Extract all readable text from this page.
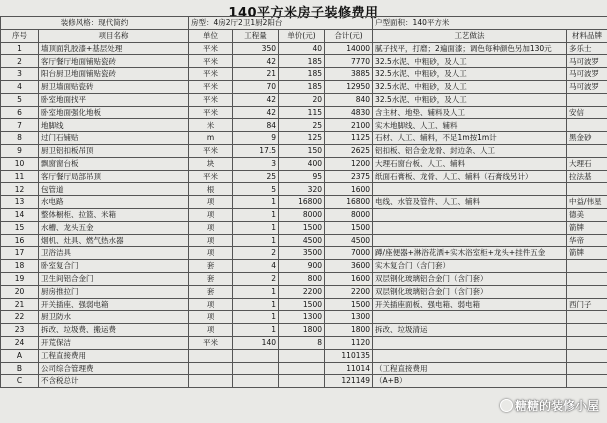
140平方米房子装修费用
装修风格：现代简约		房型：4房2厅2卫1厨2阳台				户型面积：140平方米	
序号	项目名称	单位	工程量	单价(元)	合计(元)	工艺做法	材料品牌
1	墙顶面乳胶漆+基层处理	平米	350	40	14000	腻子找平，打磨；2遍面漆；调色每种颜色另加130元	多乐士
2	客厅餐厅地面铺贴瓷砖	平米	42	185	7770	32.5水泥、中粗砂，及人工	马可波罗
3	阳台厨卫地面铺贴瓷砖	平米	21	185	3885	32.5水泥、中粗砂，及人工	马可波罗
4	厨卫墙面贴瓷砖	平米	70	185	12950	32.5水泥、中粗砂，及人工	马可波罗
5	卧室地面找平	平米	42	20	840	32.5水泥、中粗砂，及人工	
6	卧室地面强化地板	平米	42	115	4830	含主材、地垫、辅料及人工	安信
7	地脚线	米	84	25	2100	实木地脚线、人工、辅料	
8	过门石铺贴	m	9	125	1125	石材、人工、辅料，不足1m按1m计	黑金砂
9	厨卫铝扣板吊顶	平米	17.5	150	2625	铝扣板、铝合金龙骨、封边条、人工	
10	飘窗窗台板	块	3	400	1200	大理石窗台板、人工、辅料	大理石
11	客厅餐厅局部吊顶	平米	25	95	2375	纸面石膏板、龙骨、人工、辅料（石膏线另计）	拉法基
12	包管道	根	5	320	1600		
13	水电路	项	1	16800	16800	电线、水管及管件、人工、辅料	中益/伟星
14	整体橱柜、拉篮、米箱	项	1	8000	8000		德美
15	水槽、龙头五金	项	1	1500	1500		箭牌
16	烟机、灶具、燃气热水器	项	1	4500	4500		华帝
17	卫浴洁具	项	2	3500	7000	蹲/座便器+淋浴花洒+实木浴室柜+龙头+挂件五金	箭牌
18	卧室复合门	套	4	900	3600	实木复合门（含门套）	
19	卫生间铝合金门	套	2	800	1600	双层钢化玻璃铝合金门（含门套）	
20	厨房推拉门	套	1	2200	2200	双层钢化玻璃铝合金门（含门套）	
21	开关插座、强弱电箱	项	1	1500	1500	开关插座面板、强电箱、弱电箱	西门子
22	厨卫防水	项	1	1300	1300		
23	拆改、垃圾费、搬运费	项	1	1800	1800	拆改、垃圾清运	
24	开荒保洁	平米	140	8	1120		
A	工程直接费用				110135		
B	公司综合管理费				11014	（工程直接费用	
C	不含税总计				121149	（A+B）	
糖糖的装修小屋
